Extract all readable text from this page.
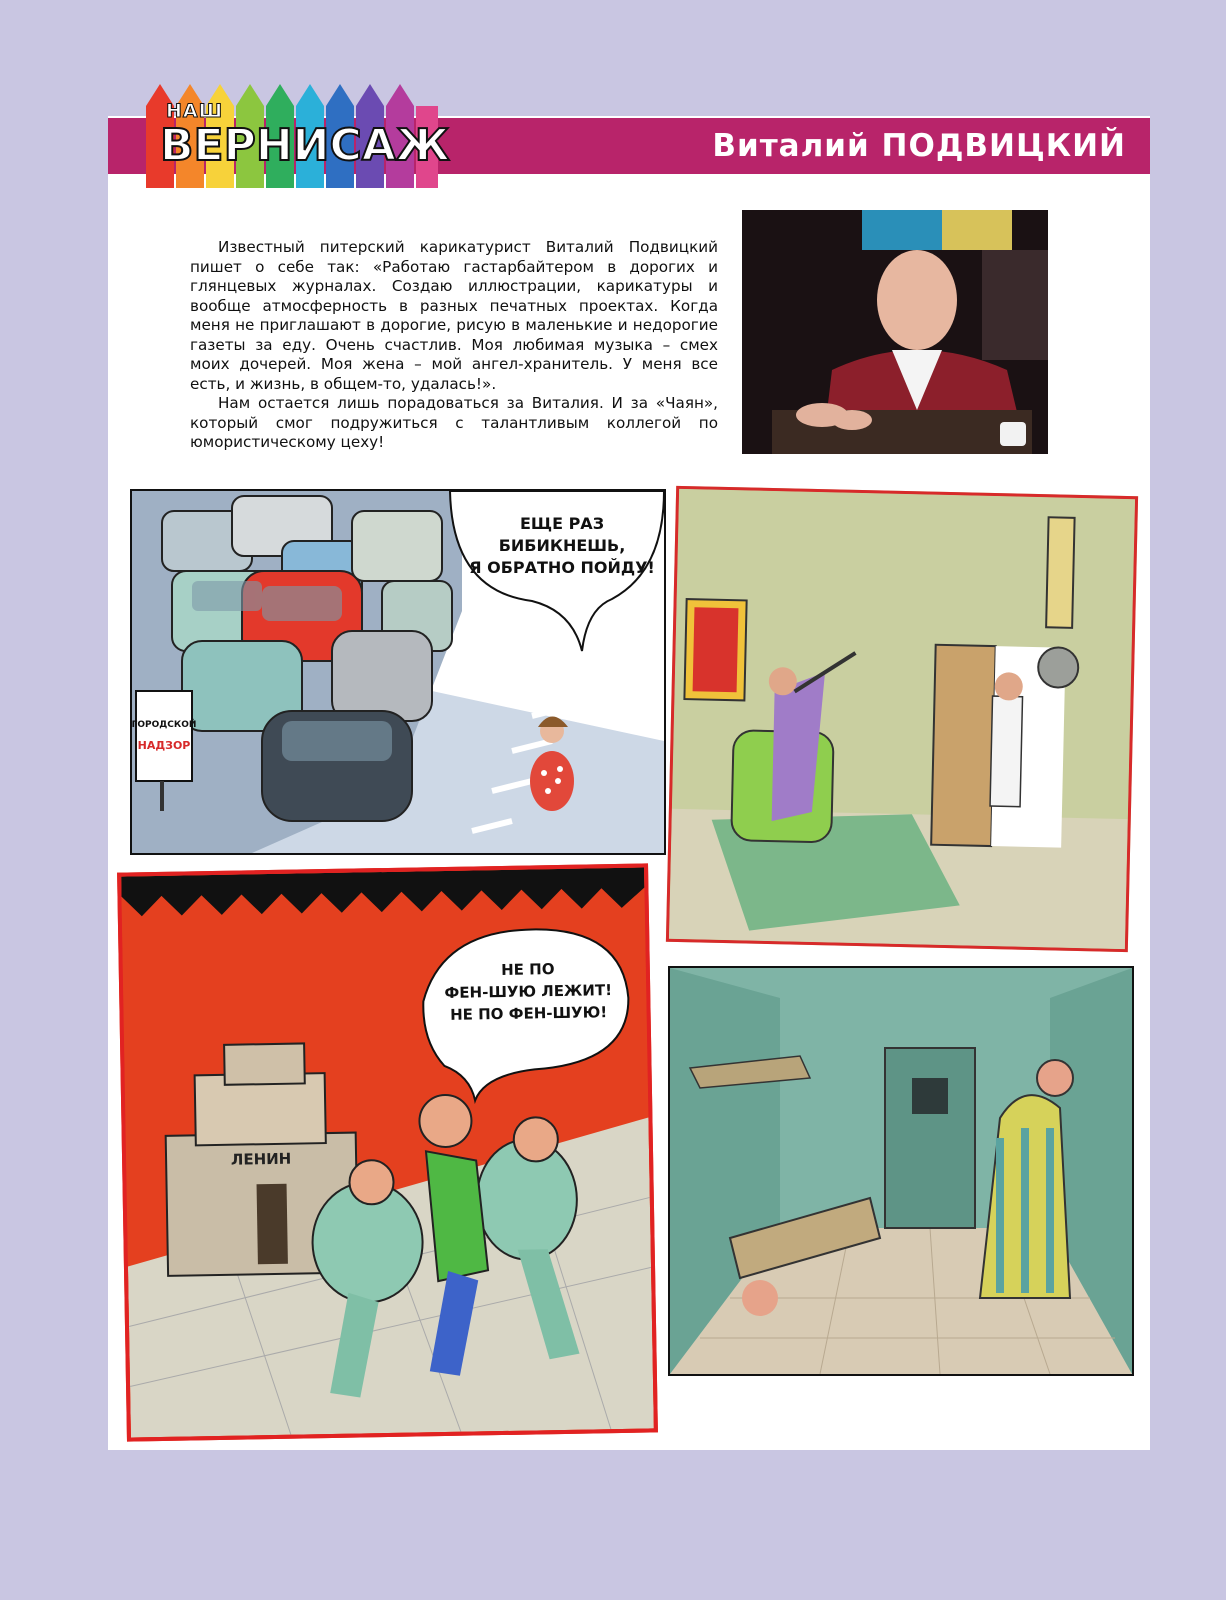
Виталий ПОДВИЦКИЙ
НАШ
ВЕРНИСАЖ

Известный питерский карикатурист Виталий Подвицкий пишет о себе так: «Работаю гастарбайтером в дорогих и глянцевых журналах. Создаю иллюстрации, карикатуры и вообще атмосферность в разных печатных проектах. Когда меня не приглашают в дорогие, рисую в маленькие и недорогие газеты за еду. Очень счастлив. Моя любимая музыка – смех моих дочерей. Моя жена – мой ангел-хранитель. У меня все есть, и жизнь, в общем-то, удалась!».

Нам остается лишь порадоваться за Виталия. И за «Чаян», который смог подружиться с талантливым коллегой по юмористическому цеху!

ЕЩЕ РАЗ
БИБИКНЕШЬ,
Я ОБРАТНО ПОЙДУ!
ГОРОДСКОЙ
НАДЗОР
ЛЕНИН
НЕ ПО
ФЕН-ШУЮ ЛЕЖИТ!
НЕ ПО ФЕН-ШУЮ!
